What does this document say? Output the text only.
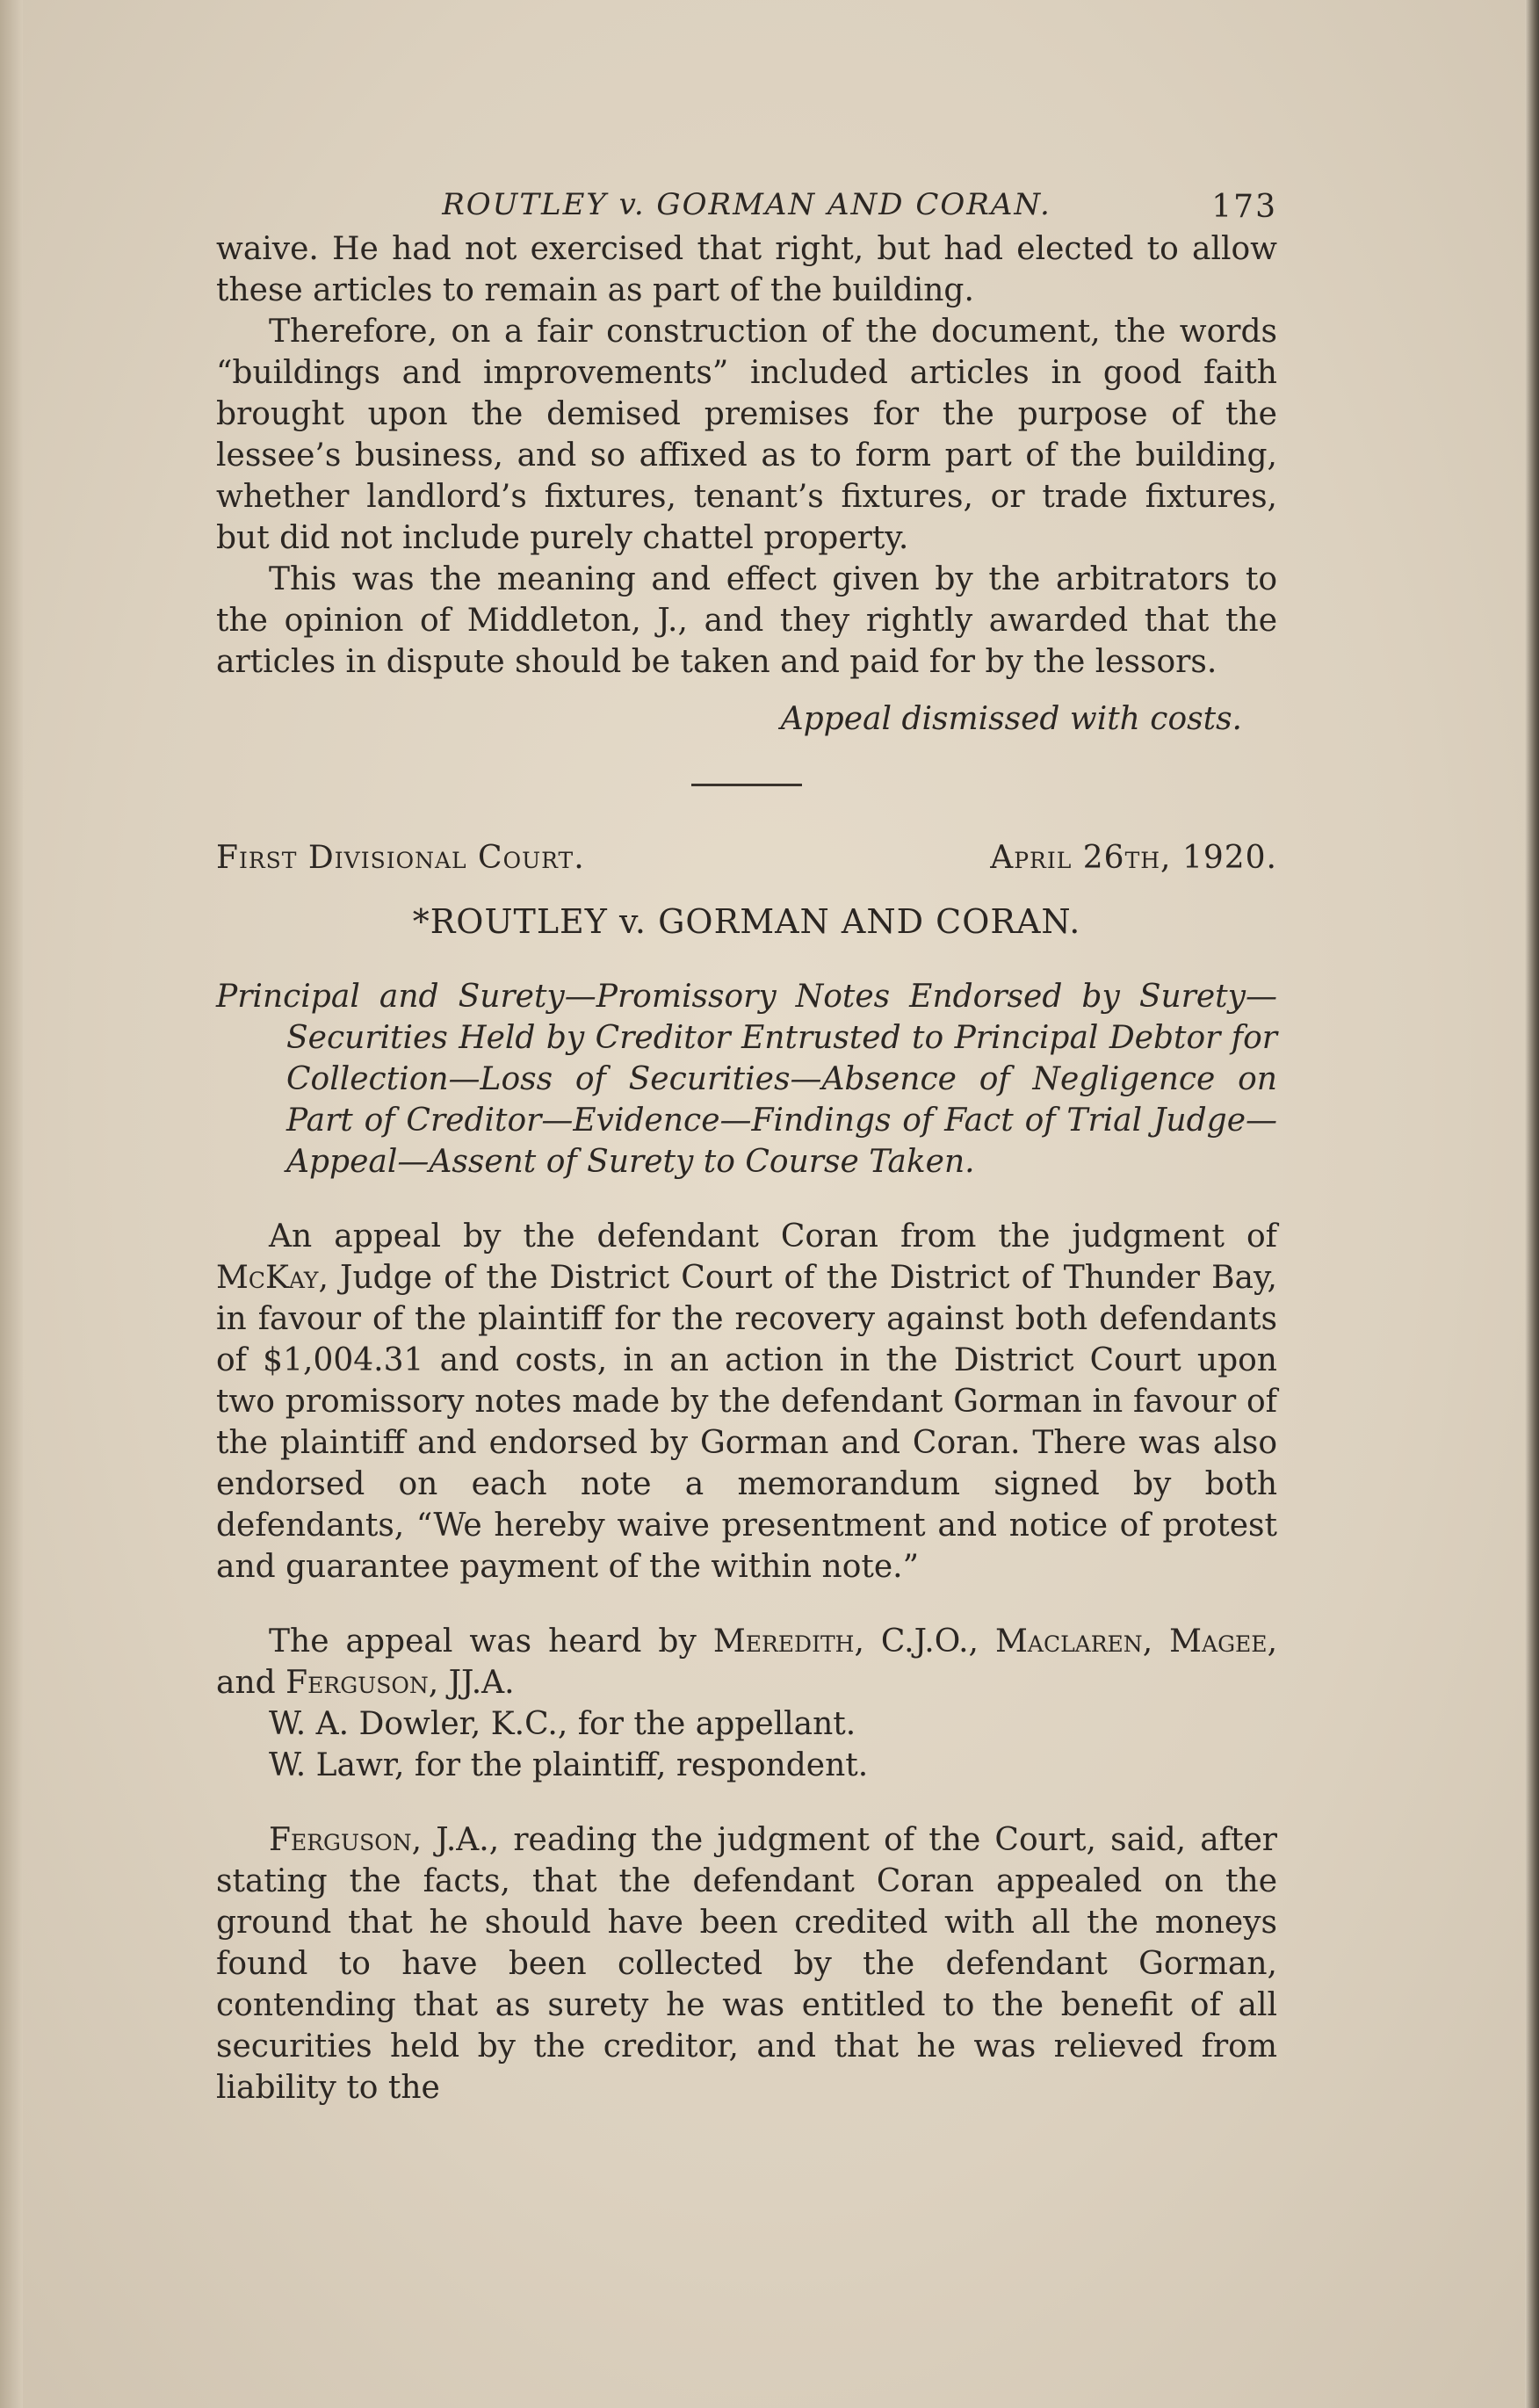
ROUTLEY v. GORMAN AND CORAN.	173

waive. He had not exercised that right, but had elected to allow these articles to remain as part of the building.

Therefore, on a fair construction of the document, the words “buildings and improvements” included articles in good faith brought upon the demised premises for the purpose of the lessee’s business, and so affixed as to form part of the building, whether landlord’s fixtures, tenant’s fixtures, or trade fixtures, but did not include purely chattel property.

This was the meaning and effect given by the arbitrators to the opinion of Middleton, J., and they rightly awarded that the articles in dispute should be taken and paid for by the lessors.

Appeal dismissed with costs.

First Divisional Court.	April 26th, 1920.
*ROUTLEY v. GORMAN AND CORAN.

Principal and Surety—Promissory Notes Endorsed by Surety—Securities Held by Creditor Entrusted to Principal Debtor for Collection—Loss of Securities—Absence of Negligence on Part of Creditor—Evidence—Findings of Fact of Trial Judge—Appeal—Assent of Surety to Course Taken.

An appeal by the defendant Coran from the judgment of McKay, Judge of the District Court of the District of Thunder Bay, in favour of the plaintiff for the recovery against both defendants of $1,004.31 and costs, in an action in the District Court upon two promissory notes made by the defendant Gorman in favour of the plaintiff and endorsed by Gorman and Coran. There was also endorsed on each note a memorandum signed by both defendants, “We hereby waive presentment and notice of protest and guarantee payment of the within note.”

The appeal was heard by Meredith, C.J.O., Maclaren, Magee, and Ferguson, JJ.A.

W. A. Dowler, K.C., for the appellant.

W. Lawr, for the plaintiff, respondent.

Ferguson, J.A., reading the judgment of the Court, said, after stating the facts, that the defendant Coran appealed on the ground that he should have been credited with all the moneys found to have been collected by the defendant Gorman, contending that as surety he was entitled to the benefit of all securities held by the creditor, and that he was relieved from liability to the
